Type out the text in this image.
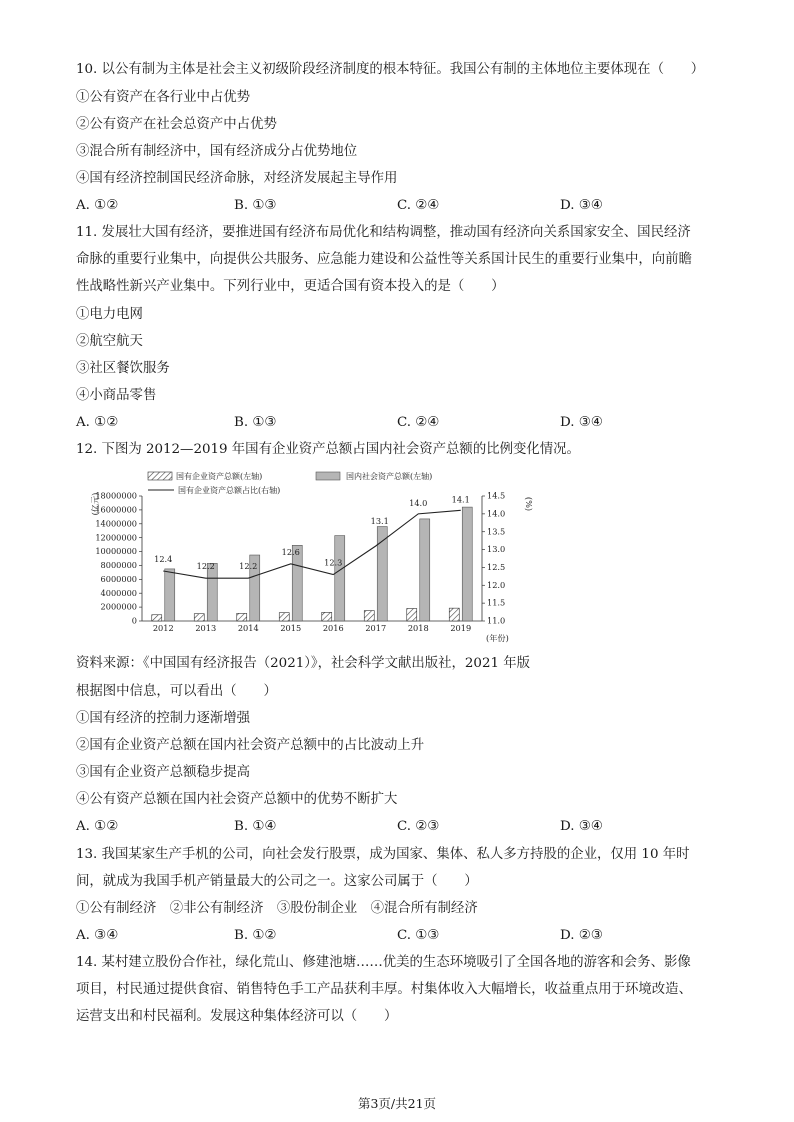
10. 以公有制为主体是社会主义初级阶段经济制度的根本特征。我国公有制的主体地位主要体现在（　　）
①公有资产在各行业中占优势
②公有资产在社会总资产中占优势
③混合所有制经济中，国有经济成分占优势地位
④国有经济控制国民经济命脉，对经济发展起主导作用
A. ①②	B. ①③	C. ②④	D. ③④
11. 发展壮大国有经济，要推进国有经济布局优化和结构调整，推动国有经济向关系国家安全、国民经济
命脉的重要行业集中，向提供公共服务、应急能力建设和公益性等关系国计民生的重要行业集中，向前瞻
性战略性新兴产业集中。下列行业中，更适合国有资本投入的是（　　）
①电力电网
②航空航天
③社区餐饮服务
④小商品零售
A. ①②	B. ①③	C. ②④	D. ③④
12. 下图为 2012—2019 年国有企业资产总额占国内社会资产总额的比例变化情况。
国有企业资产总额(左轴)	国内社会资产总额(左轴)
国有企业资产总额占比(右轴)
18000000
16000000
14000000
12000000
10000000
8000000
6000000
4000000
2000000
0
14.5
14.0
13.5
13.0
12.5
12.0
11.5
11.0
(亿元)	(%)
(年份)
2012	2013	2014	2015	2016	2017	2018	2019
12.4
12.2	12.2
12.6
12.3
13.1
14.0	14.1
资料来源：《中国国有经济报告（2021）》，社会科学文献出版社，2021 年版
根据图中信息，可以看出（　　）
①国有经济的控制力逐渐增强
②国有企业资产总额在国内社会资产总额中的占比波动上升
③国有企业资产总额稳步提高
④公有资产总额在国内社会资产总额中的优势不断扩大
A. ①②	B. ①④	C. ②③	D. ③④
13. 我国某家生产手机的公司，向社会发行股票，成为国家、集体、私人多方持股的企业，仅用 10 年时
间，就成为我国手机产销量最大的公司之一。这家公司属于（　　）
①公有制经济　②非公有制经济　③股份制企业　④混合所有制经济
A. ③④	B. ①②	C. ①③	D. ②③
14. 某村建立股份合作社，绿化荒山、修建池塘……优美的生态环境吸引了全国各地的游客和会务、影像
项目，村民通过提供食宿、销售特色手工产品获利丰厚。村集体收入大幅增长，收益重点用于环境改造、
运营支出和村民福利。发展这种集体经济可以（　　）
第3页/共21页
